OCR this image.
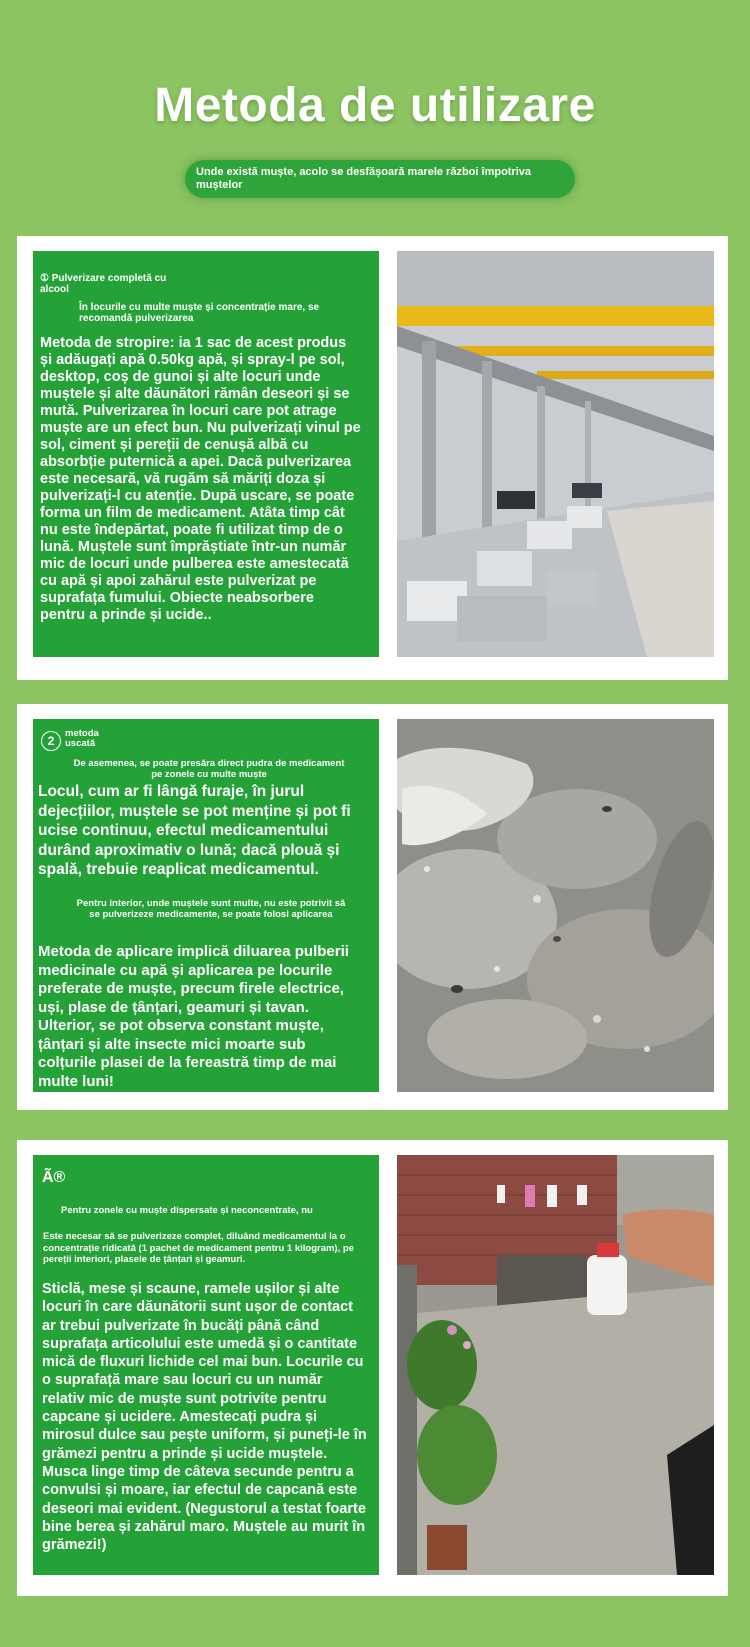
Metoda de utilizare
Unde există muște, acolo se desfășoară marele război împotriva muștelor
① Pulverizare completă cu alcool
În locurile cu multe muște și concentrație mare, se recomandă pulverizarea
Metoda de stropire: ia 1 sac de acest produs și adăugați apă 0.50kg apă, și spray-l pe sol, desktop, coș de gunoi și alte locuri unde muștele și alte dăunători rămân deseori și se mută. Pulverizarea în locuri care pot atrage muște are un efect bun. Nu pulverizați vinul pe sol, ciment și pereții de cenușă albă cu absorbție puternică a apei. Dacă pulverizarea este necesară, vă rugăm să măriți doza și pulverizați-l cu atenție. După uscare, se poate forma un film de medicament. Atâta timp cât nu este îndepărtat, poate fi utilizat timp de o lună. Muștele sunt împrăștiate într-un număr mic de locuri unde pulberea este amestecată cu apă și apoi zahărul este pulverizat pe suprafața fumului. Obiecte neabsorbere pentru a prinde și ucide..
2
metoda uscată
De asemenea, se poate presăra direct pudra de medicament pe zonele cu multe muște
Locul, cum ar fi lângă furaje, în jurul dejecțiilor, muștele se pot menține și pot fi ucise continuu, efectul medicamentului durând aproximativ o lună; dacă plouă și spală, trebuie reaplicat medicamentul.
Pentru interior, unde muștele sunt multe, nu este potrivit să se pulverizeze medicamente, se poate folosi aplicarea
Metoda de aplicare implică diluarea pulberii medicinale cu apă și aplicarea pe locurile preferate de muște, precum firele electrice, uși, plase de țânțari, geamuri și tavan. Ulterior, se pot observa constant muște, țânțari și alte insecte mici moarte sub colțurile plasei de la fereastră timp de mai multe luni!
Ã®
Pentru zonele cu muște dispersate și neconcentrate, nu
Este necesar să se pulverizeze complet, diluând medicamentul la o concentrație ridicată (1 pachet de medicament pentru 1 kilogram), pe pereții interiori, plasele de țânțari și geamuri.
Sticlă, mese și scaune, ramele ușilor și alte locuri în care dăunătorii sunt ușor de contact ar trebui pulverizate în bucăți până când suprafața articolului este umedă și o cantitate mică de fluxuri lichide cel mai bun. Locurile cu o suprafață mare sau locuri cu un număr relativ mic de muște sunt potrivite pentru capcane și ucidere. Amestecați pudra și mirosul dulce sau pește uniform, și puneți-le în grămezi pentru a prinde și ucide muștele. Musca linge timp de câteva secunde pentru a convulsi și moare, iar efectul de capcană este deseori mai evident. (Negustorul a testat foarte bine berea și zahărul maro. Muștele au murit în grămezi!)
